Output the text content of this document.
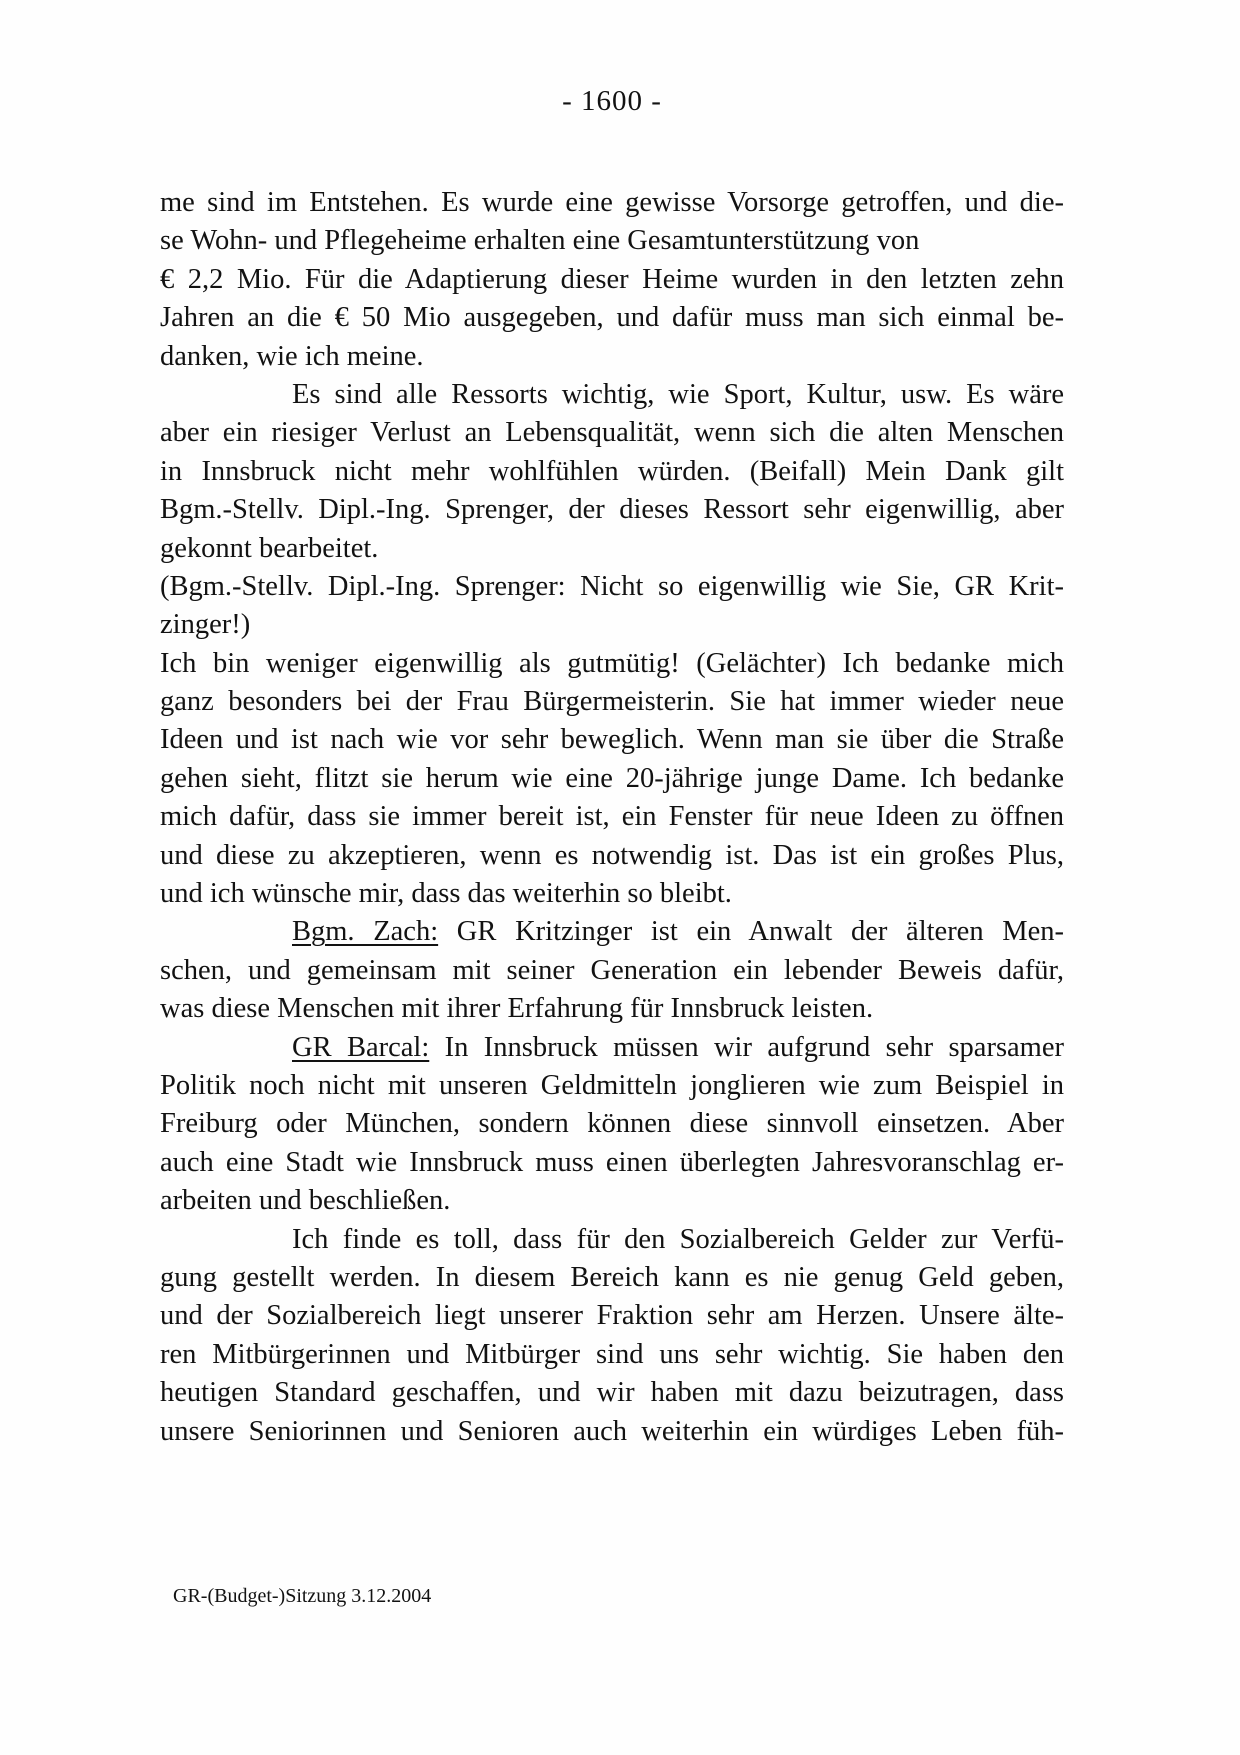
- 1600 -
me sind im Entstehen. Es wurde eine gewisse Vorsorge getroffen, und die-
se Wohn- und Pflegeheime erhalten eine Gesamtunterstützung von
€ 2,2 Mio. Für die Adaptierung dieser Heime wurden in den letzten zehn
Jahren an die € 50 Mio ausgegeben, und dafür muss man sich einmal be-
danken, wie ich meine.
Es sind alle Ressorts wichtig, wie Sport, Kultur, usw. Es wäre
aber ein riesiger Verlust an Lebensqualität, wenn sich die alten Menschen
in Innsbruck nicht mehr wohlfühlen würden. (Beifall) Mein Dank gilt
Bgm.-Stellv. Dipl.-Ing. Sprenger, der dieses Ressort sehr eigenwillig, aber
gekonnt bearbeitet.
(Bgm.-Stellv. Dipl.-Ing. Sprenger: Nicht so eigenwillig wie Sie, GR Krit-
zinger!)
Ich bin weniger eigenwillig als gutmütig! (Gelächter) Ich bedanke mich
ganz besonders bei der Frau Bürgermeisterin. Sie hat immer wieder neue
Ideen und ist nach wie vor sehr beweglich. Wenn man sie über die Straße
gehen sieht, flitzt sie herum wie eine 20-jährige junge Dame. Ich bedanke
mich dafür, dass sie immer bereit ist, ein Fenster für neue Ideen zu öffnen
und diese zu akzeptieren, wenn es notwendig ist. Das ist ein großes Plus,
und ich wünsche mir, dass das weiterhin so bleibt.
Bgm. Zach: GR Kritzinger ist ein Anwalt der älteren Men-
schen, und gemeinsam mit seiner Generation ein lebender Beweis dafür,
was diese Menschen mit ihrer Erfahrung für Innsbruck leisten.
GR Barcal: In Innsbruck müssen wir aufgrund sehr sparsamer
Politik noch nicht mit unseren Geldmitteln jonglieren wie zum Beispiel in
Freiburg oder München, sondern können diese sinnvoll einsetzen. Aber
auch eine Stadt wie Innsbruck muss einen überlegten Jahresvoranschlag er-
arbeiten und beschließen.
Ich finde es toll, dass für den Sozialbereich Gelder zur Verfü-
gung gestellt werden. In diesem Bereich kann es nie genug Geld geben,
und der Sozialbereich liegt unserer Fraktion sehr am Herzen. Unsere älte-
ren Mitbürgerinnen und Mitbürger sind uns sehr wichtig. Sie haben den
heutigen Standard geschaffen, und wir haben mit dazu beizutragen, dass
unsere Seniorinnen und Senioren auch weiterhin ein würdiges Leben füh-
GR-(Budget-)Sitzung 3.12.2004
